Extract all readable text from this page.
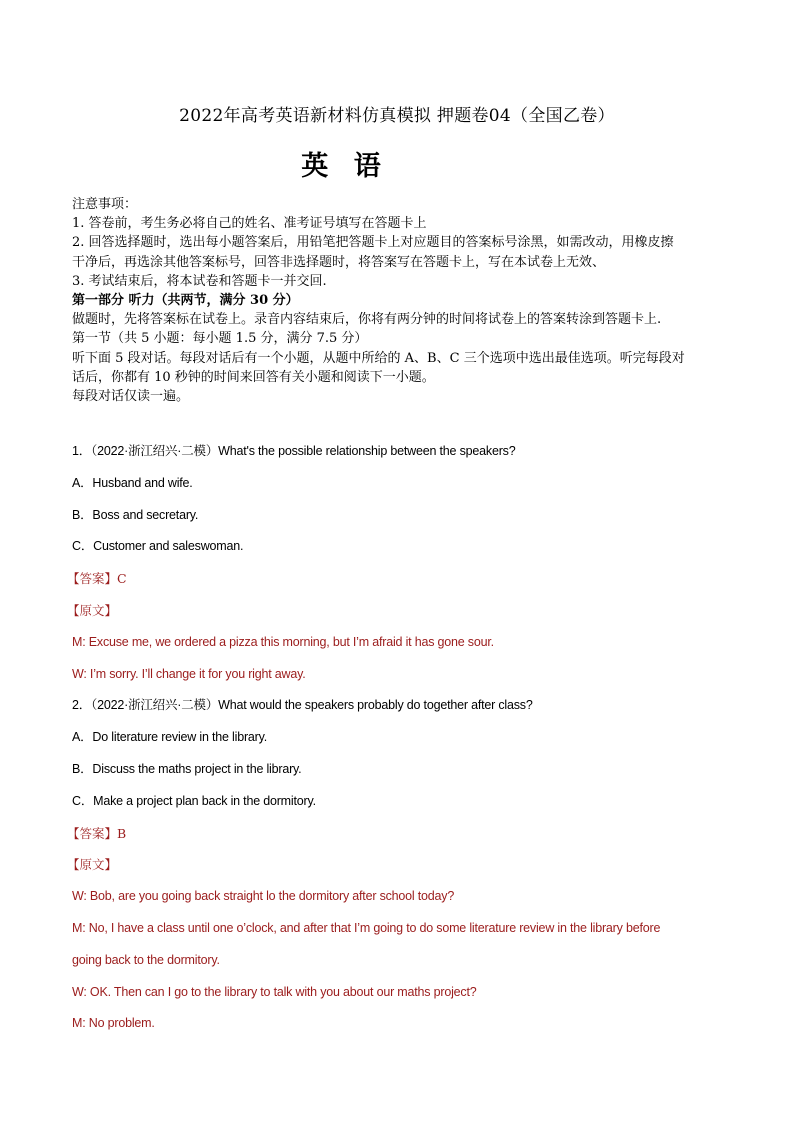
2022年高考英语新材料仿真模拟 押题卷04（全国乙卷）
英 语
注意事项：
1. 答卷前，考生务必将自己的姓名、准考证号填写在答题卡上
2. 回答选择题时，选出每小题答案后，用铅笔把答题卡上对应题目的答案标号涂黑，如需改动，用橡皮擦
干净后，再选涂其他答案标号，回答非选择题时，将答案写在答题卡上，写在本试卷上无效、
3. 考试结束后，将本试卷和答题卡一并交回.
第一部分 听力（共两节，满分 30 分）
做题时，先将答案标在试卷上。录音内容结束后，你将有两分钟的时间将试卷上的答案转涂到答题卡上.
第一节（共 5 小题：每小题 1.5 分，满分 7.5 分）
听下面 5 段对话。每段对话后有一个小题，从题中所给的 A、B、C 三个选项中选出最佳选项。听完每段对
话后，你都有 10 秒钟的时间来回答有关小题和阅读下一小题。
每段对话仅读一遍。
1．（2022·浙江绍兴·二模）What's the possible relationship between the speakers?
A．Husband and wife.
B．Boss and secretary.
C．Customer and saleswoman.
【答案】C
【原文】
M: Excuse me, we ordered a pizza this morning, but I’m afraid it has gone sour.
W: I’m sorry. I’ll change it for you right away.
2．（2022·浙江绍兴·二模）What would the speakers probably do together after class?
A．Do literature review in the library.
B．Discuss the maths project in the library.
C．Make a project plan back in the dormitory.
【答案】B
【原文】
W: Bob, are you going back straight lo the dormitory after school today?
M: No, I have a class until one o’clock, and after that I’m going to do some literature review in the library before
going back to the dormitory.
W: OK. Then can I go to the library to talk with you about our maths project?
M: No problem.
